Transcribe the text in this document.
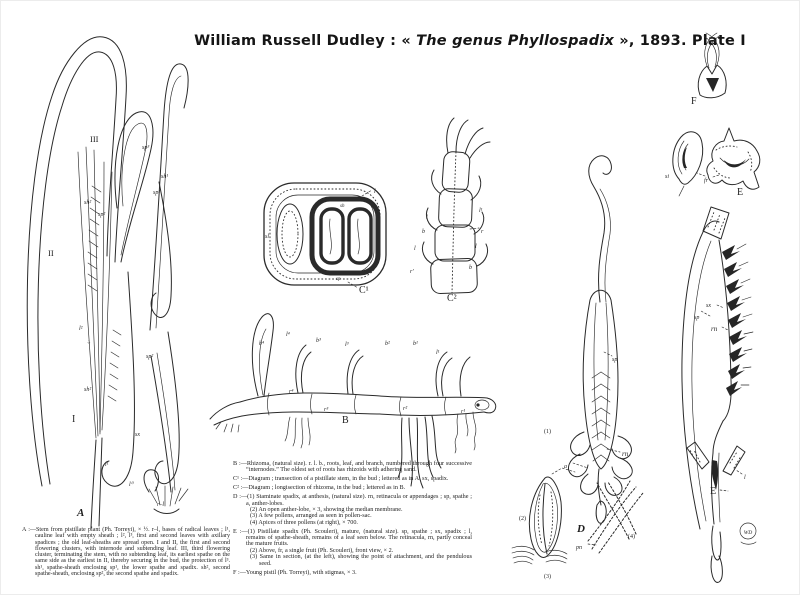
William Russell Dudley : « The genus Phyllospadix », 1893. Plate I
III
II
I
A
sh¹
sp¹
sh²
sp²
sp³
l²
÷
sh²
sp²
sx
l¹
l⁰
r–l
l
sl
sh
sp
C¹
l¹
l
b	r
l	l
r′
b
C²
l⁴
b⁴	b³
l³	b²	b¹
l¹
r⁴
r³	r²	r¹
B
sp
(1)
rn
a
D
(2)
(3)
(4)
pn
F
si
fr
E
WD
sx
sp
rn
l
E

A :—Stem from pistillate plant (Ph. Torreyi), × ½. r–l, bases of radical leaves ; l¹, cauline leaf with empty sheath ; l², l³, first and second leaves with axillary spadices ; the old leaf-sheaths are spread open. I and II, the first and second flowering clusters, with internode and subtending leaf. III, third flowering cluster, terminating the stem, with no subtending leaf, its earliest spathe on the same side as the earliest in II, thereby securing in the bud, the protection of l³. sh¹, spathe-sheath enclosing sp¹, the lower spathe and spadix. sh², second spathe-sheath, enclosing sp², the second spathe and spadix.

B :—Rhizoma, (natural size). r. l. b., roots, leaf, and branch, numbered through four successive “internodes.” The oldest set of roots has rhizoids with adhering sand.

C¹ :—Diagram ; transection of a pistillate stem, in the bud ; lettered as in A. sx, spadix.

C² :—Diagram ; longisection of rhizoma, in the bud ; lettered as in B.

D :—(1) Staminate spadix, at anthesis, (natural size). rn, retinacula or appendages ; sp, spathe ; a, anther-lobes.

(2) An open anther-lobe, × 3, showing the median membrane.

(3) A few pollens, arranged as seen in pollen-sac.

(4) Apices of three pollens (at right), × 700.

E :—(1) Pistillate spadix (Ph. Scouleri), mature, (natural size). sp, spathe ; sx, spadix ; l, remains of spathe-sheath, remains of a leaf seen below. The retinacula, rn, partly conceal the mature fruits.

(2) Above, fr, a single fruit (Ph. Scouleri), front view, × 2.

(3) Same in section, (at the left), showing the point of attachment, and the pendulous seed.

F :—Young pistil (Ph. Torreyi), with stigmas, × 3.
